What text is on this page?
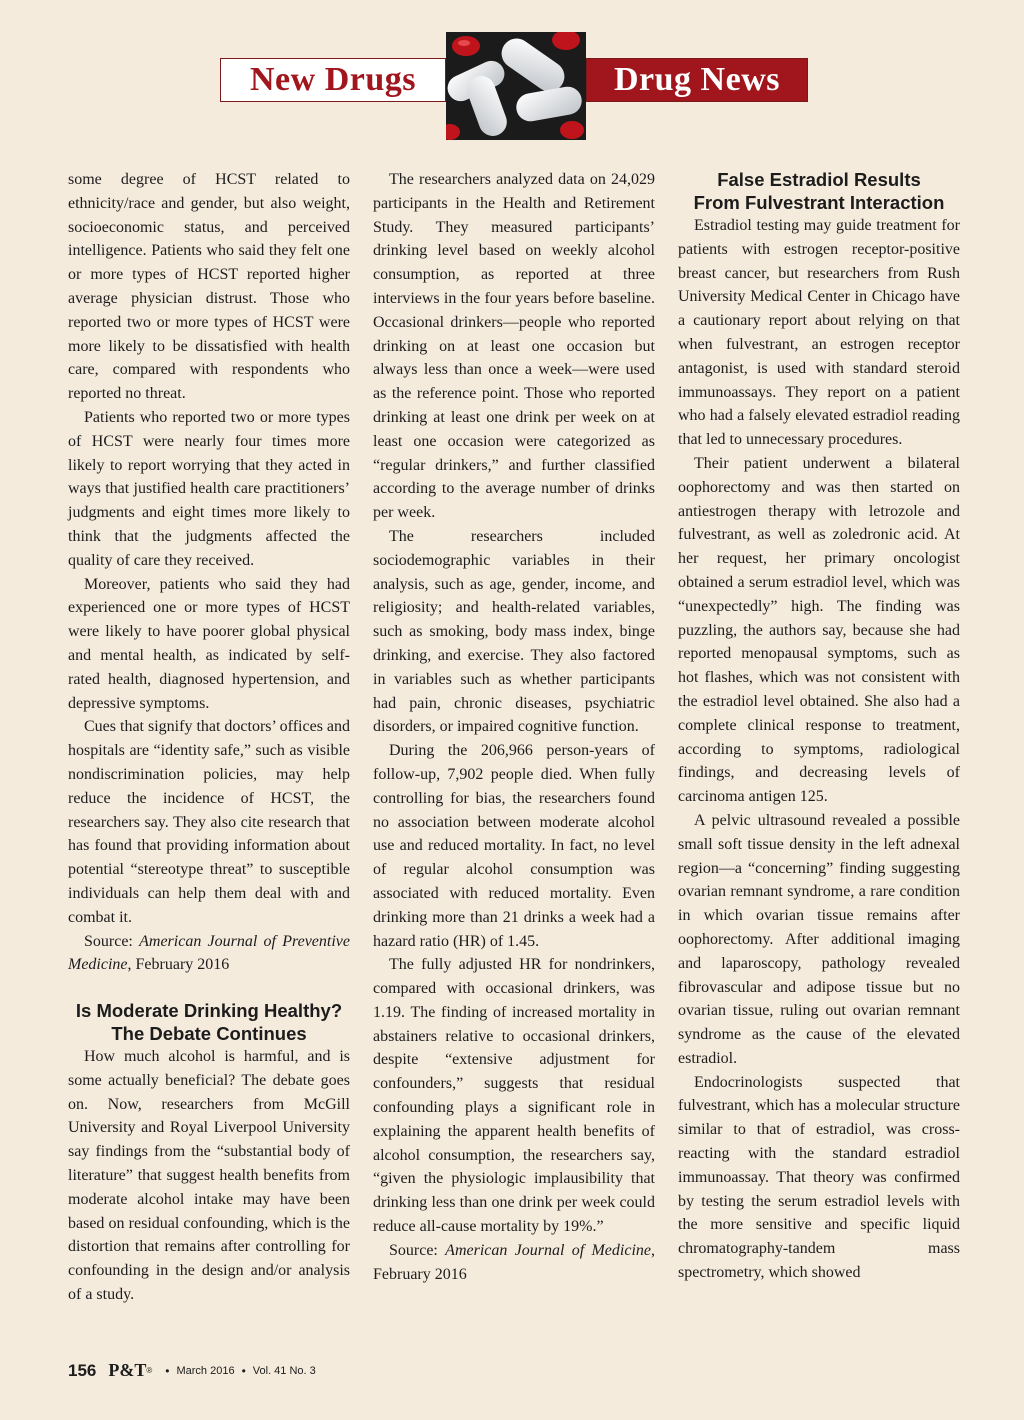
New Drugs	Drug News

some degree of HCST related to ethnicity/race and gender, but also weight, socioeconomic status, and perceived intelligence. Patients who said they felt one or more types of HCST reported higher average physician distrust. Those who reported two or more types of HCST were more likely to be dissatisfied with health care, compared with respondents who reported no threat.

Patients who reported two or more types of HCST were nearly four times more likely to report worrying that they acted in ways that justified health care practitioners’ judgments and eight times more likely to think that the judgments affected the quality of care they received.

Moreover, patients who said they had experienced one or more types of HCST were likely to have poorer global physical and mental health, as indicated by self-rated health, diagnosed hypertension, and depressive symptoms.

Cues that signify that doctors’ offices and hospitals are “identity safe,” such as visible nondiscrimination policies, may help reduce the incidence of HCST, the researchers say. They also cite research that has found that providing information about potential “stereotype threat” to susceptible individuals can help them deal with and combat it.

Source: American Journal of Preventive Medicine, February 2016

Is Moderate Drinking Healthy?
The Debate Continues

How much alcohol is harmful, and is some actually beneficial? The debate goes on. Now, researchers from McGill University and Royal Liverpool University say findings from the “substantial body of literature” that suggest health benefits from moderate alcohol intake may have been based on residual confounding, which is the distortion that remains after controlling for confounding in the design and/or analysis of a study.

The researchers analyzed data on 24,029 participants in the Health and Retirement Study. They measured participants’ drinking level based on weekly alcohol consumption, as reported at three interviews in the four years before baseline. Occasional drinkers—people who reported drinking on at least one occasion but always less than once a week—were used as the reference point. Those who reported drinking at least one drink per week on at least one occasion were categorized as “regular drinkers,” and further classified according to the average number of drinks per week.

The researchers included sociodemographic variables in their analysis, such as age, gender, income, and religiosity; and health-related variables, such as smoking, body mass index, binge drinking, and exercise. They also factored in variables such as whether participants had pain, chronic diseases, psychiatric disorders, or impaired cognitive function.

During the 206,966 person-years of follow-up, 7,902 people died. When fully controlling for bias, the researchers found no association between moderate alcohol use and reduced mortality. In fact, no level of regular alcohol consumption was associated with reduced mortality. Even drinking more than 21 drinks a week had a hazard ratio (HR) of 1.45.

The fully adjusted HR for nondrinkers, compared with occasional drinkers, was 1.19. The finding of increased mortality in abstainers relative to occasional drinkers, despite “extensive adjustment for confounders,” suggests that residual confounding plays a significant role in explaining the apparent health benefits of alcohol consumption, the researchers say, “given the physiologic implausibility that drinking less than one drink per week could reduce all-cause mortality by 19%.”

Source: American Journal of Medicine, February 2016

False Estradiol Results
From Fulvestrant Interaction

Estradiol testing may guide treatment for patients with estrogen receptor-positive breast cancer, but researchers from Rush University Medical Center in Chicago have a cautionary report about relying on that when fulvestrant, an estrogen receptor antagonist, is used with standard steroid immunoassays. They report on a patient who had a falsely elevated estradiol reading that led to unnecessary procedures.

Their patient underwent a bilateral oophorectomy and was then started on antiestrogen therapy with letrozole and fulvestrant, as well as zoledronic acid. At her request, her primary oncologist obtained a serum estradiol level, which was “unexpectedly” high. The finding was puzzling, the authors say, because she had reported menopausal symptoms, such as hot flashes, which was not consistent with the estradiol level obtained. She also had a complete clinical response to treatment, according to symptoms, radiological findings, and decreasing levels of carcinoma antigen 125.

A pelvic ultrasound revealed a possible small soft tissue density in the left adnexal region—a “concerning” finding suggesting ovarian remnant syndrome, a rare condition in which ovarian tissue remains after oophorectomy. After additional imaging and laparoscopy, pathology revealed fibrovascular and adipose tissue but no ovarian tissue, ruling out ovarian remnant syndrome as the cause of the elevated estradiol.

Endocrinologists suspected that fulvestrant, which has a molecular structure similar to that of estradiol, was cross-reacting with the standard estradiol immunoassay. That theory was confirmed by testing the serum estradiol levels with the more sensitive and specific liquid chromatography-tandem mass spectrometry, which showed

156 P&T ® • March 2016 • Vol. 41 No. 3
